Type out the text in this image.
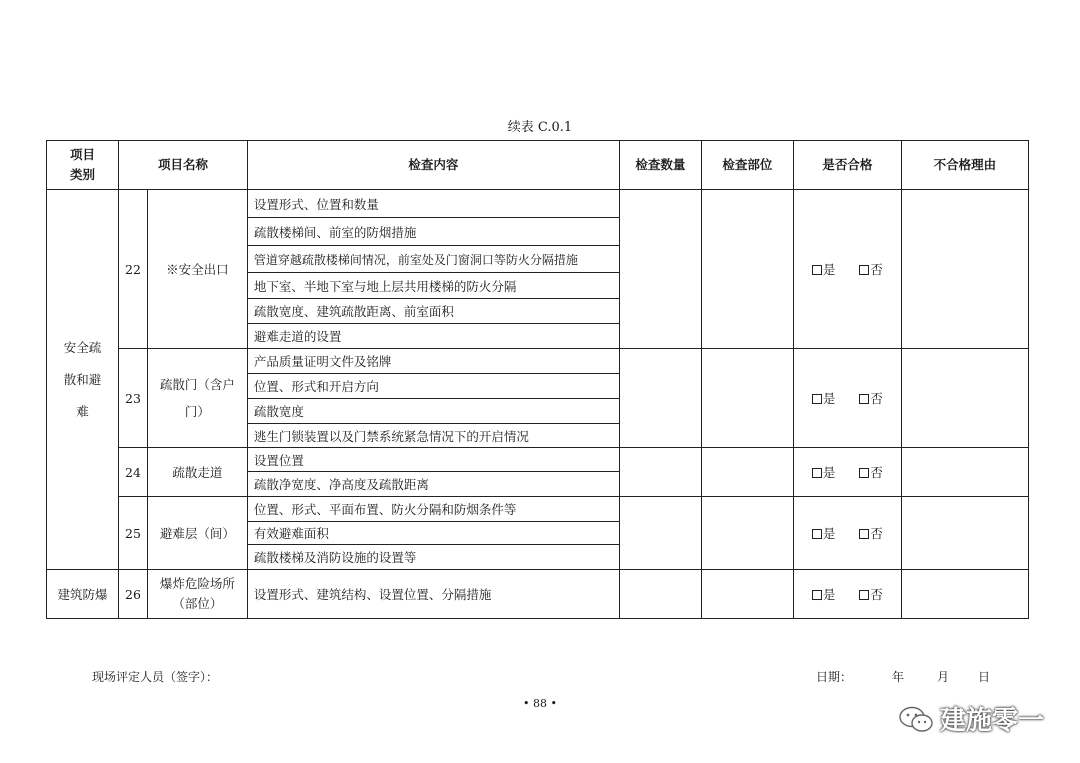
续表 C.0.1
项目类别	项目名称		检查内容	检查数量	检查部位	是否合格	不合格理由
安全疏散和避难	22	※安全出口	设置形式、位置和数量			是 否	
			疏散楼梯间、前室的防烟措施				
			管道穿越疏散楼梯间情况，前室处及门窗洞口等防火分隔措施				
			地下室、半地下室与地上层共用楼梯的防火分隔				
			疏散宽度、建筑疏散距离、前室面积				
			避难走道的设置				
	23	疏散门（含户门）	产品质量证明文件及铭牌			是 否	
			位置、形式和开启方向				
			疏散宽度				
			逃生门锁装置以及门禁系统紧急情况下的开启情况				
	24	疏散走道	设置位置			是 否	
			疏散净宽度、净高度及疏散距离				
	25	避难层（间）	位置、形式、平面布置、防火分隔和防烟条件等			是 否	
			有效避难面积				
			疏散楼梯及消防设施的设置等				
建筑防爆	26	爆炸危险场所（部位）	设置形式、建筑结构、设置位置、分隔措施			是 否	
现场评定人员（签字）：	日期：	年	月 日
• 88 •
建施零一
